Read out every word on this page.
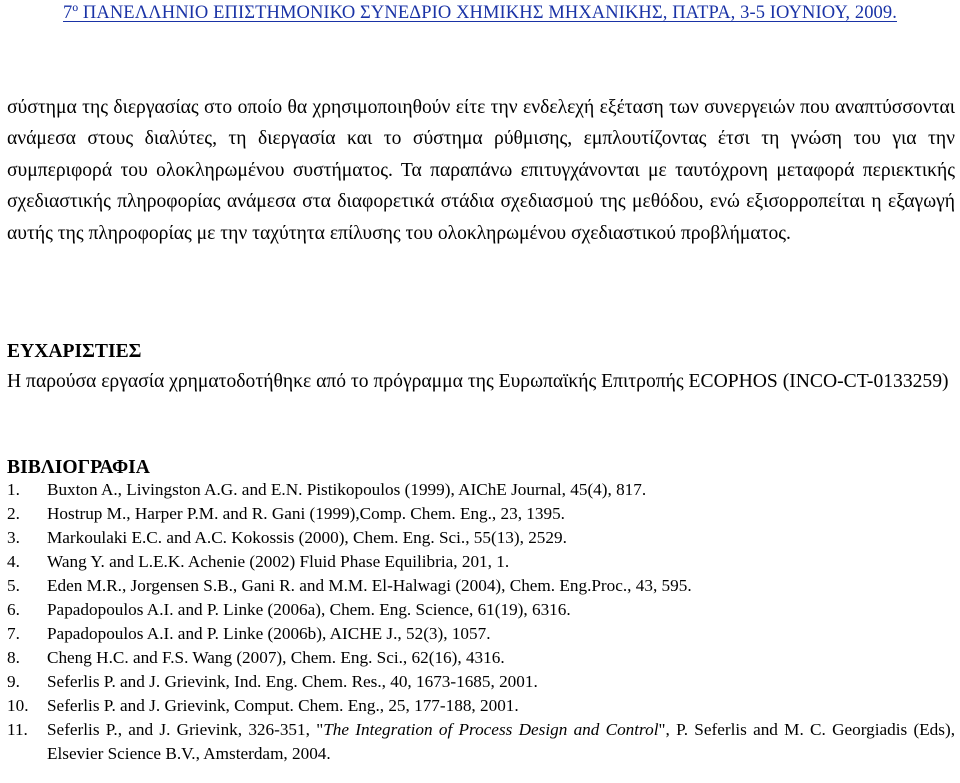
7º ΠΑΝΕΛΛΗΝΙΟ ΕΠΙΣΤΗΜΟΝΙΚΟ ΣΥΝΕΔΡΙΟ ΧΗΜΙΚΗΣ ΜΗΧΑΝΙΚΗΣ, ΠΑΤΡΑ, 3-5 ΙΟΥΝΙΟΥ, 2009.
σύστημα της διεργασίας στο οποίο θα χρησιμοποιηθούν είτε την ενδελεχή εξέταση των συνεργειών που αναπτύσσονται ανάμεσα στους διαλύτες, τη διεργασία και το σύστημα ρύθμισης, εμπλουτίζοντας έτσι τη γνώση του για την συμπεριφορά του ολοκληρωμένου συστήματος. Τα παραπάνω επιτυγχάνονται με ταυτόχρονη μεταφορά περιεκτικής σχεδιαστικής πληροφορίας ανάμεσα στα διαφορετικά στάδια σχεδιασμού της μεθόδου, ενώ εξισορροπείται η εξαγωγή αυτής της πληροφορίας με την ταχύτητα επίλυσης του ολοκληρωμένου σχεδιαστικού προβλήματος.
ΕΥΧΑΡΙΣΤΙΕΣ
Η παρούσα εργασία χρηματοδοτήθηκε από το πρόγραμμα της Ευρωπαϊκής Επιτροπής ECOPHOS (INCO-CT-0133259)
ΒΙΒΛΙΟΓΡΑΦΙΑ
1.	Buxton A., Livingston A.G. and E.N. Pistikopoulos (1999), AIChE Journal, 45(4), 817.
2.	Hostrup M., Harper P.M. and R. Gani (1999),Comp. Chem. Eng., 23, 1395.
3.	Markoulaki E.C. and A.C. Kokossis (2000), Chem. Eng. Sci., 55(13), 2529.
4.	Wang Y. and L.E.K. Achenie (2002) Fluid Phase Equilibria, 201, 1.
5.	Eden M.R., Jorgensen S.B., Gani R. and M.M. El-Halwagi (2004), Chem. Eng.Proc., 43, 595.
6.	Papadopoulos A.I. and P. Linke (2006a), Chem. Eng. Science, 61(19), 6316.
7.	Papadopoulos A.I. and P. Linke (2006b), AICHE J., 52(3), 1057.
8.	Cheng H.C. and F.S. Wang (2007), Chem. Eng. Sci., 62(16), 4316.
9.	Seferlis P. and J. Grievink, Ind. Eng. Chem. Res., 40, 1673-1685, 2001.
10.	Seferlis P. and J. Grievink, Comput. Chem. Eng., 25, 177-188, 2001.
11.	Seferlis P., and J. Grievink, 326-351, "The Integration of Process Design and Control", P. Seferlis and M. C. Georgiadis (Eds), Elsevier Science B.V., Amsterdam, 2004.
